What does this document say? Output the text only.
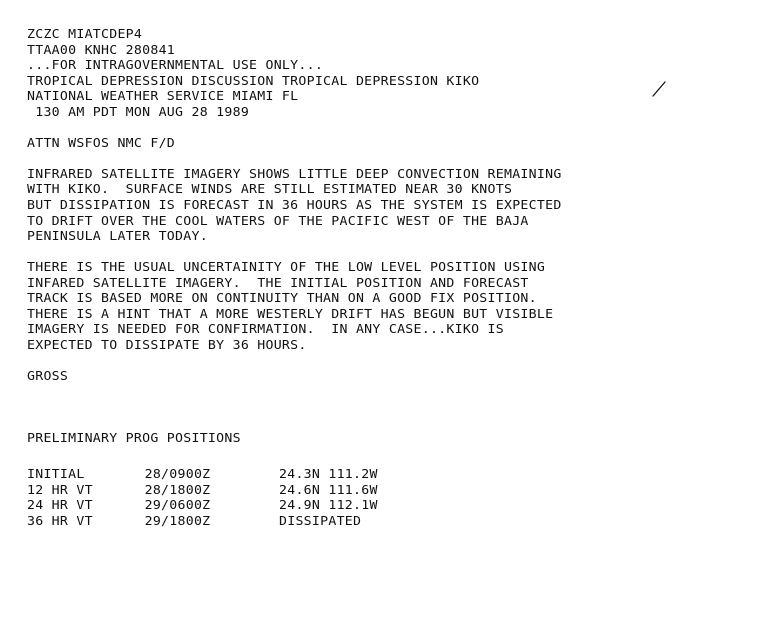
ZCZC MIATCDEP4
TTAA00 KNHC 280841
...FOR INTRAGOVERNMENTAL USE ONLY...
TROPICAL DEPRESSION DISCUSSION TROPICAL DEPRESSION KIKO
NATIONAL WEATHER SERVICE MIAMI FL
130 AM PDT MON AUG 28 1989
ATTN WSFOS NMC F/D
INFRARED SATELLITE IMAGERY SHOWS LITTLE DEEP CONVECTION REMAINING
WITH KIKO.  SURFACE WINDS ARE STILL ESTIMATED NEAR 30 KNOTS
BUT DISSIPATION IS FORECAST IN 36 HOURS AS THE SYSTEM IS EXPECTED
TO DRIFT OVER THE COOL WATERS OF THE PACIFIC WEST OF THE BAJA
PENINSULA LATER TODAY.
THERE IS THE USUAL UNCERTAINITY OF THE LOW LEVEL POSITION USING
INFARED SATELLITE IMAGERY.  THE INITIAL POSITION AND FORECAST
TRACK IS BASED MORE ON CONTINUITY THAN ON A GOOD FIX POSITION.
THERE IS A HINT THAT A MORE WESTERLY DRIFT HAS BEGUN BUT VISIBLE
IMAGERY IS NEEDED FOR CONFIRMATION.  IN ANY CASE...KIKO IS
EXPECTED TO DISSIPATE BY 36 HOURS.
GROSS
PRELIMINARY PROG POSITIONS
INITIAL	28/0900Z	24.3N 111.2W
12 HR VT	28/1800Z	24.6N 111.6W
24 HR VT	29/0600Z	24.9N 112.1W
36 HR VT	29/1800Z	DISSIPATED
